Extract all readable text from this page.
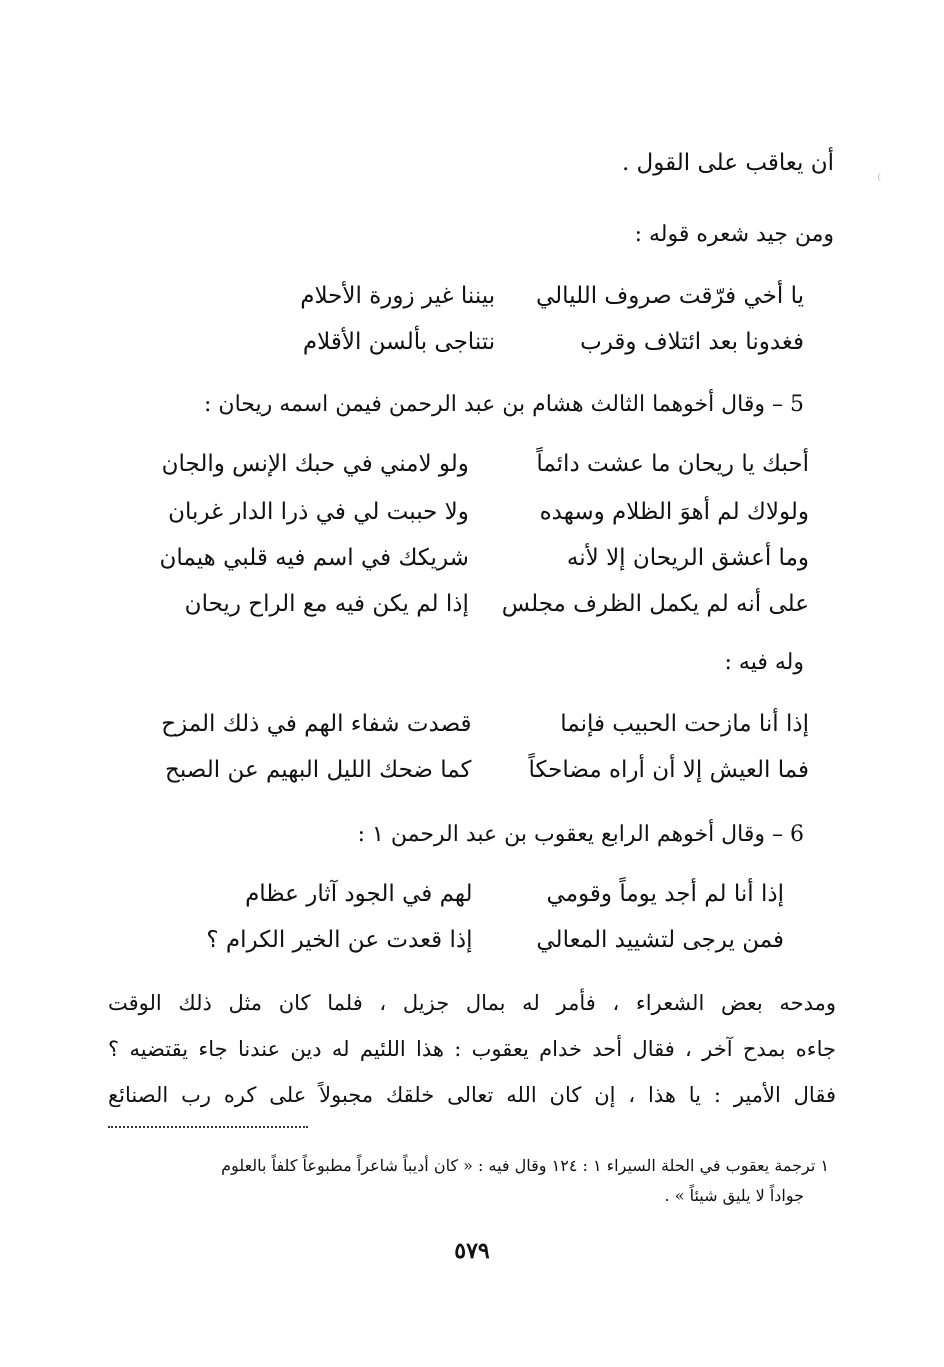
أن يعاقب على القول .
ومن جيد شعره قوله :
يا أخي فرّقت صروف الليالي
بيننا غير زورة الأحلام
فغدونا بعد ائتلاف وقرب
نتناجى بألسن الأقلام
5 – وقال أخوهما الثالث هشام بن عبد الرحمن فيمن اسمه ريحان :
أحبك يا ريحان ما عشت دائماً
ولو لامني في حبك الإنس والجان
ولولاك لم أهوَ الظلام وسهده
ولا حببت لي في ذرا الدار غربان
وما أعشق الريحان إلا لأنه
شريكك في اسم فيه قلبي هيمان
على أنه لم يكمل الظرف مجلس
إذا لم يكن فيه مع الراح ريحان
وله فيه :
إذا أنا مازحت الحبيب فإنما
قصدت شفاء الهم في ذلك المزح
فما العيش إلا أن أراه مضاحكاً
كما ضحك الليل البهيم عن الصبح
6 – وقال أخوهم الرابع يعقوب بن عبد الرحمن ١ :
إذا أنا لم أجد يوماً وقومي
لهم في الجود آثار عظام
فمن يرجى لتشييد المعالي
إذا قعدت عن الخير الكرام ؟
ومدحه بعض الشعراء ، فأمر له بمال جزيل ، فلما كان مثل ذلك الوقت
جاءه بمدح آخر ، فقال أحد خدام يعقوب : هذا اللئيم له دين عندنا جاء يقتضيه ؟
فقال الأمير : يا هذا ، إن كان الله تعالى خلقك مجبولاً على كره رب الصنائع
١ ترجمة يعقوب في الحلة السيراء ١ : ١٢٤ وقال فيه : « كان أديباً شاعراً مطبوعاً كلفاً بالعلوم
جواداً لا يليق شيئاً » .
٥٧٩
